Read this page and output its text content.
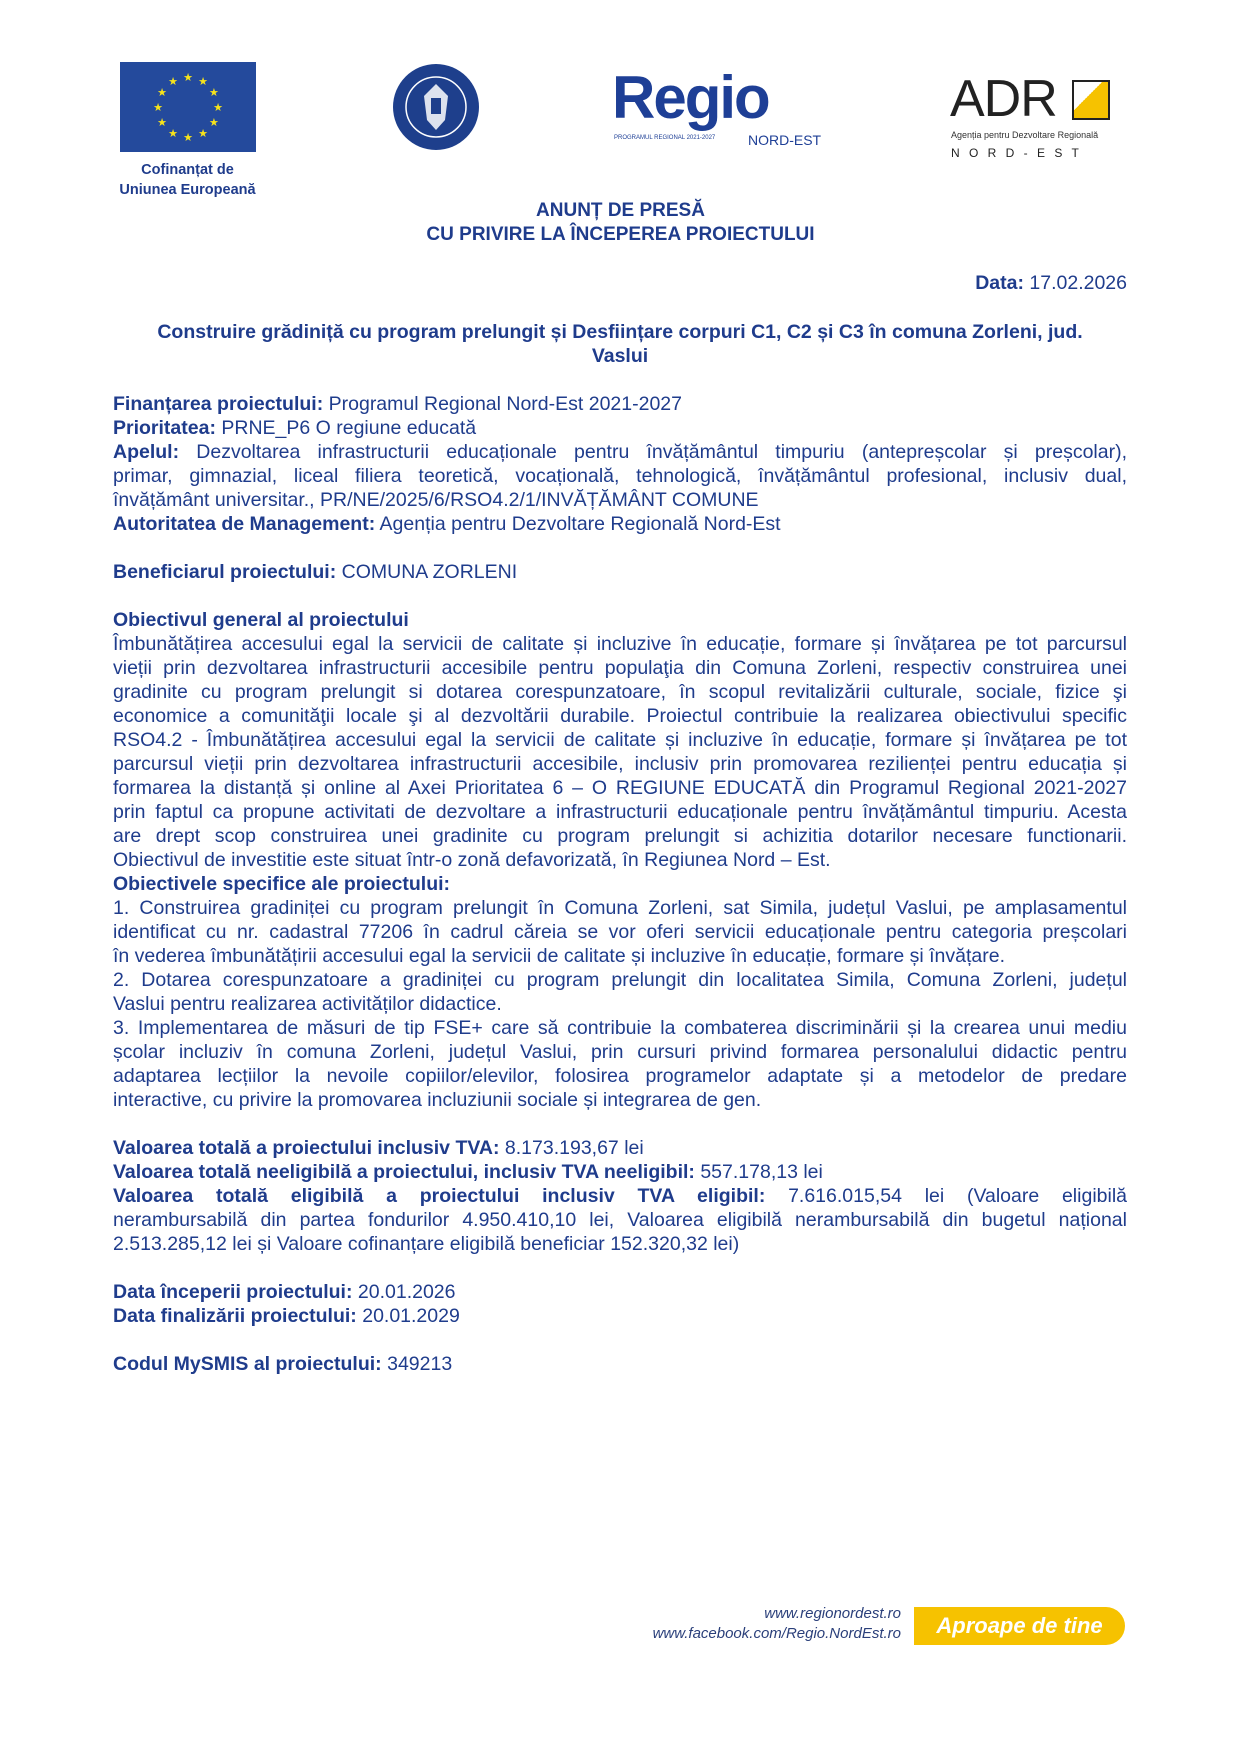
★ ★
★
★
★
★
★
★
★
★
★
★
Cofinanțat de
Uniunea Europeană
Regio
PROGRAMUL REGIONAL 2021-2027 NORD-EST
ADR
Agenția pentru Dezvoltare Regională
N O R D - E S T
ANUNȚ DE PRESĂ
CU PRIVIRE LA ÎNCEPEREA PROIECTULUI
Data: 17.02.2026
Construire grădiniță cu program prelungit și Desființare corpuri C1, C2 și C3 în comuna Zorleni, jud.
Vaslui
Finanțarea proiectului: Programul Regional Nord-Est 2021-2027
Prioritatea: PRNE_P6 O regiune educată
Apelul: Dezvoltarea infrastructurii educaționale pentru învățământul timpuriu (antepreșcolar și preșcolar),
primar, gimnazial, liceal filiera teoretică, vocațională, tehnologică, învățământul profesional, inclusiv dual,
învățământ universitar., PR/NE/2025/6/RSO4.2/1/INVĂȚĂMÂNT COMUNE
Autoritatea de Management: Agenția pentru Dezvoltare Regională Nord-Est
Beneficiarul proiectului: COMUNA ZORLENI
Obiectivul general al proiectului
Îmbunătățirea accesului egal la servicii de calitate și incluzive în educație, formare și învățarea pe tot parcursul
vieții prin dezvoltarea infrastructurii accesibile pentru populaţia din Comuna Zorleni, respectiv construirea unei
gradinite cu program prelungit si dotarea corespunzatoare, în scopul revitalizării culturale, sociale, fizice şi
economice a comunităţii locale şi al dezvoltării durabile. Proiectul contribuie la realizarea obiectivului specific
RSO4.2 - Îmbunătățirea accesului egal la servicii de calitate și incluzive în educație, formare și învățarea pe tot
parcursul vieții prin dezvoltarea infrastructurii accesibile, inclusiv prin promovarea rezilienței pentru educația și
formarea la distanță și online al Axei Prioritatea 6 – O REGIUNE EDUCATĂ din Programul Regional 2021-2027
prin faptul ca propune activitati de dezvoltare a infrastructurii educaționale pentru învățământul timpuriu. Acesta
are drept scop construirea unei gradinite cu program prelungit si achizitia dotarilor necesare functionarii.
Obiectivul de investitie este situat într-o zonă defavorizată, în Regiunea Nord – Est.
Obiectivele specifice ale proiectului:
1. Construirea gradiniței cu program prelungit în Comuna Zorleni, sat Simila, județul Vaslui, pe amplasamentul
identificat cu nr. cadastral 77206 în cadrul căreia se vor oferi servicii educaționale pentru categoria preșcolari
în vederea îmbunătățirii accesului egal la servicii de calitate și incluzive în educație, formare și învățare.
2. Dotarea corespunzatoare a gradiniței cu program prelungit din localitatea Simila, Comuna Zorleni, județul
Vaslui pentru realizarea activităților didactice.
3. Implementarea de măsuri de tip FSE+ care să contribuie la combaterea discriminării și la crearea unui mediu
școlar incluziv în comuna Zorleni, județul Vaslui, prin cursuri privind formarea personalului didactic pentru
adaptarea lecțiilor la nevoile copiilor/elevilor, folosirea programelor adaptate și a metodelor de predare
interactive, cu privire la promovarea incluziunii sociale și integrarea de gen.
Valoarea totală a proiectului inclusiv TVA: 8.173.193,67 lei
Valoarea totală neeligibilă a proiectului, inclusiv TVA neeligibil: 557.178,13 lei
Valoarea totală eligibilă a proiectului inclusiv TVA eligibil: 7.616.015,54 lei (Valoare eligibilă
nerambursabilă din partea fondurilor 4.950.410,10 lei, Valoarea eligibilă nerambursabilă din bugetul național
2.513.285,12 lei și Valoare cofinanțare eligibilă beneficiar 152.320,32 lei)
Data începerii proiectului: 20.01.2026
Data finalizării proiectului: 20.01.2029
Codul MySMIS al proiectului: 349213
www.regionordest.ro
www.facebook.com/Regio.NordEst.ro	Aproape de tine
